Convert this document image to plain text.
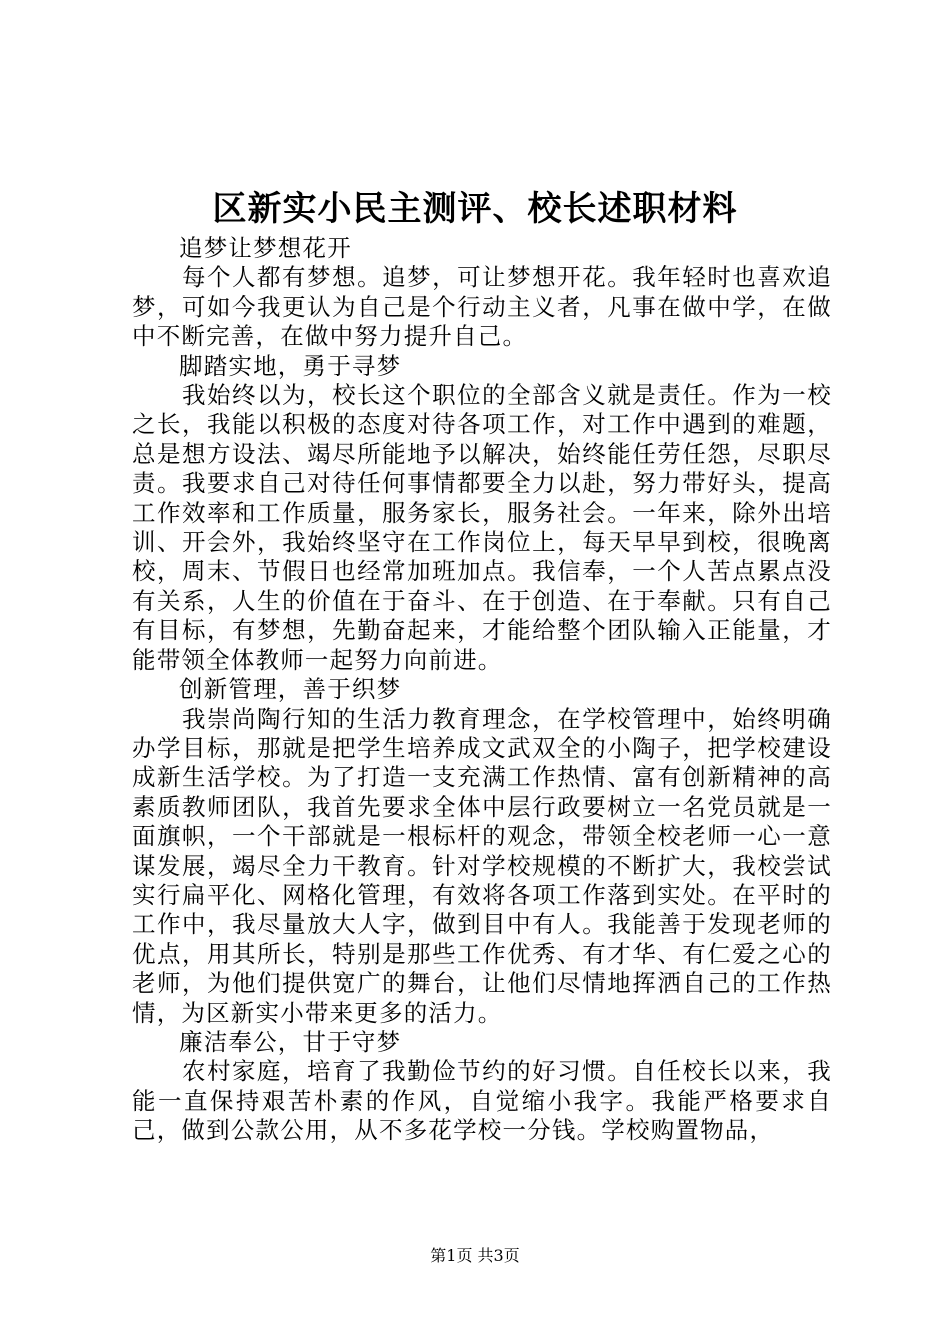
区新实小民主测评、校长述职材料

追梦让梦想花开

每个人都有梦想。追梦，可让梦想开花。我年轻时也喜欢追梦，可如今我更认为自己是个行动主义者，凡事在做中学，在做中不断完善，在做中努力提升自己。

脚踏实地，勇于寻梦

我始终以为，校长这个职位的全部含义就是责任。作为一校之长，我能以积极的态度对待各项工作，对工作中遇到的难题，总是想方设法、竭尽所能地予以解决，始终能任劳任怨，尽职尽责。我要求自己对待任何事情都要全力以赴，努力带好头，提高工作效率和工作质量，服务家长，服务社会。一年来，除外出培训、开会外，我始终坚守在工作岗位上，每天早早到校，很晚离校，周末、节假日也经常加班加点。我信奉，一个人苦点累点没有关系，人生的价值在于奋斗、在于创造、在于奉献。只有自己有目标，有梦想，先勤奋起来，才能给整个团队输入正能量，才能带领全体教师一起努力向前进。

创新管理，善于织梦

我崇尚陶行知的生活力教育理念，在学校管理中，始终明确办学目标，那就是把学生培养成文武双全的小陶子，把学校建设成新生活学校。为了打造一支充满工作热情、富有创新精神的高素质教师团队，我首先要求全体中层行政要树立一名党员就是一面旗帜，一个干部就是一根标杆的观念，带领全校老师一心一意谋发展，竭尽全力干教育。针对学校规模的不断扩大，我校尝试实行扁平化、网格化管理，有效将各项工作落到实处。在平时的工作中，我尽量放大人字，做到目中有人。我能善于发现老师的优点，用其所长，特别是那些工作优秀、有才华、有仁爱之心的老师，为他们提供宽广的舞台，让他们尽情地挥洒自己的工作热情，为区新实小带来更多的活力。

廉洁奉公，甘于守梦

农村家庭，培育了我勤俭节约的好习惯。自任校长以来，我能一直保持艰苦朴素的作风，自觉缩小我字。我能严格要求自己，做到公款公用，从不多花学校一分钱。学校购置物品，

第1页 共3页
